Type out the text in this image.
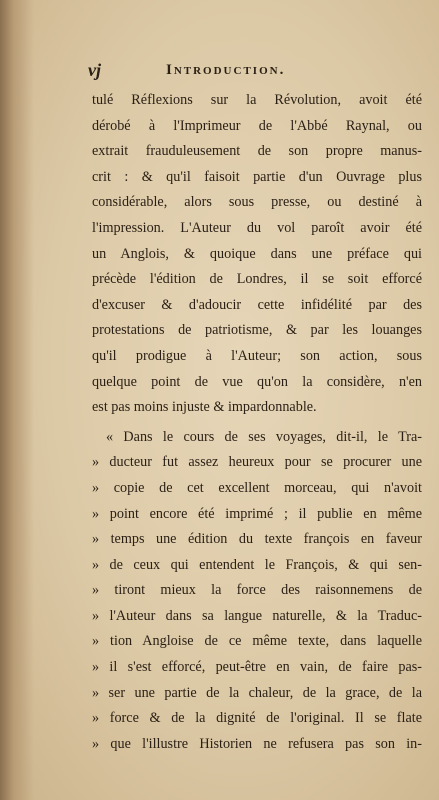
vj	Introduction.
tulé Réflexions sur la Révolution, avoit été
dérobé à l'Imprimeur de l'Abbé Raynal, ou
extrait frauduleusement de son propre manus-
crit : & qu'il faisoit partie d'un Ouvrage plus
considérable, alors sous presse, ou destiné à
l'impression. L'Auteur du vol paroît avoir été
un Anglois, & quoique dans une préface qui
précède l'édition de Londres, il se soit efforcé
d'excuser & d'adoucir cette infidélité par des
protestations de patriotisme, & par les louanges
qu'il prodigue à l'Auteur; son action, sous
quelque point de vue qu'on la considère, n'en
est pas moins injuste & impardonnable.
« Dans le cours de ses voyages, dit-il, le Tra-
» ducteur fut assez heureux pour se procurer une
» copie de cet excellent morceau, qui n'avoit
» point encore été imprimé ; il publie en même
» temps une édition du texte françois en faveur
» de ceux qui entendent le François, & qui sen-
» tiront mieux la force des raisonnemens de
» l'Auteur dans sa langue naturelle, & la Traduc-
» tion Angloise de ce même texte, dans laquelle
» il s'est efforcé, peut-être en vain, de faire pas-
» ser une partie de la chaleur, de la grace, de la
» force & de la dignité de l'original. Il se flate
» que l'illustre Historien ne refusera pas son in-
